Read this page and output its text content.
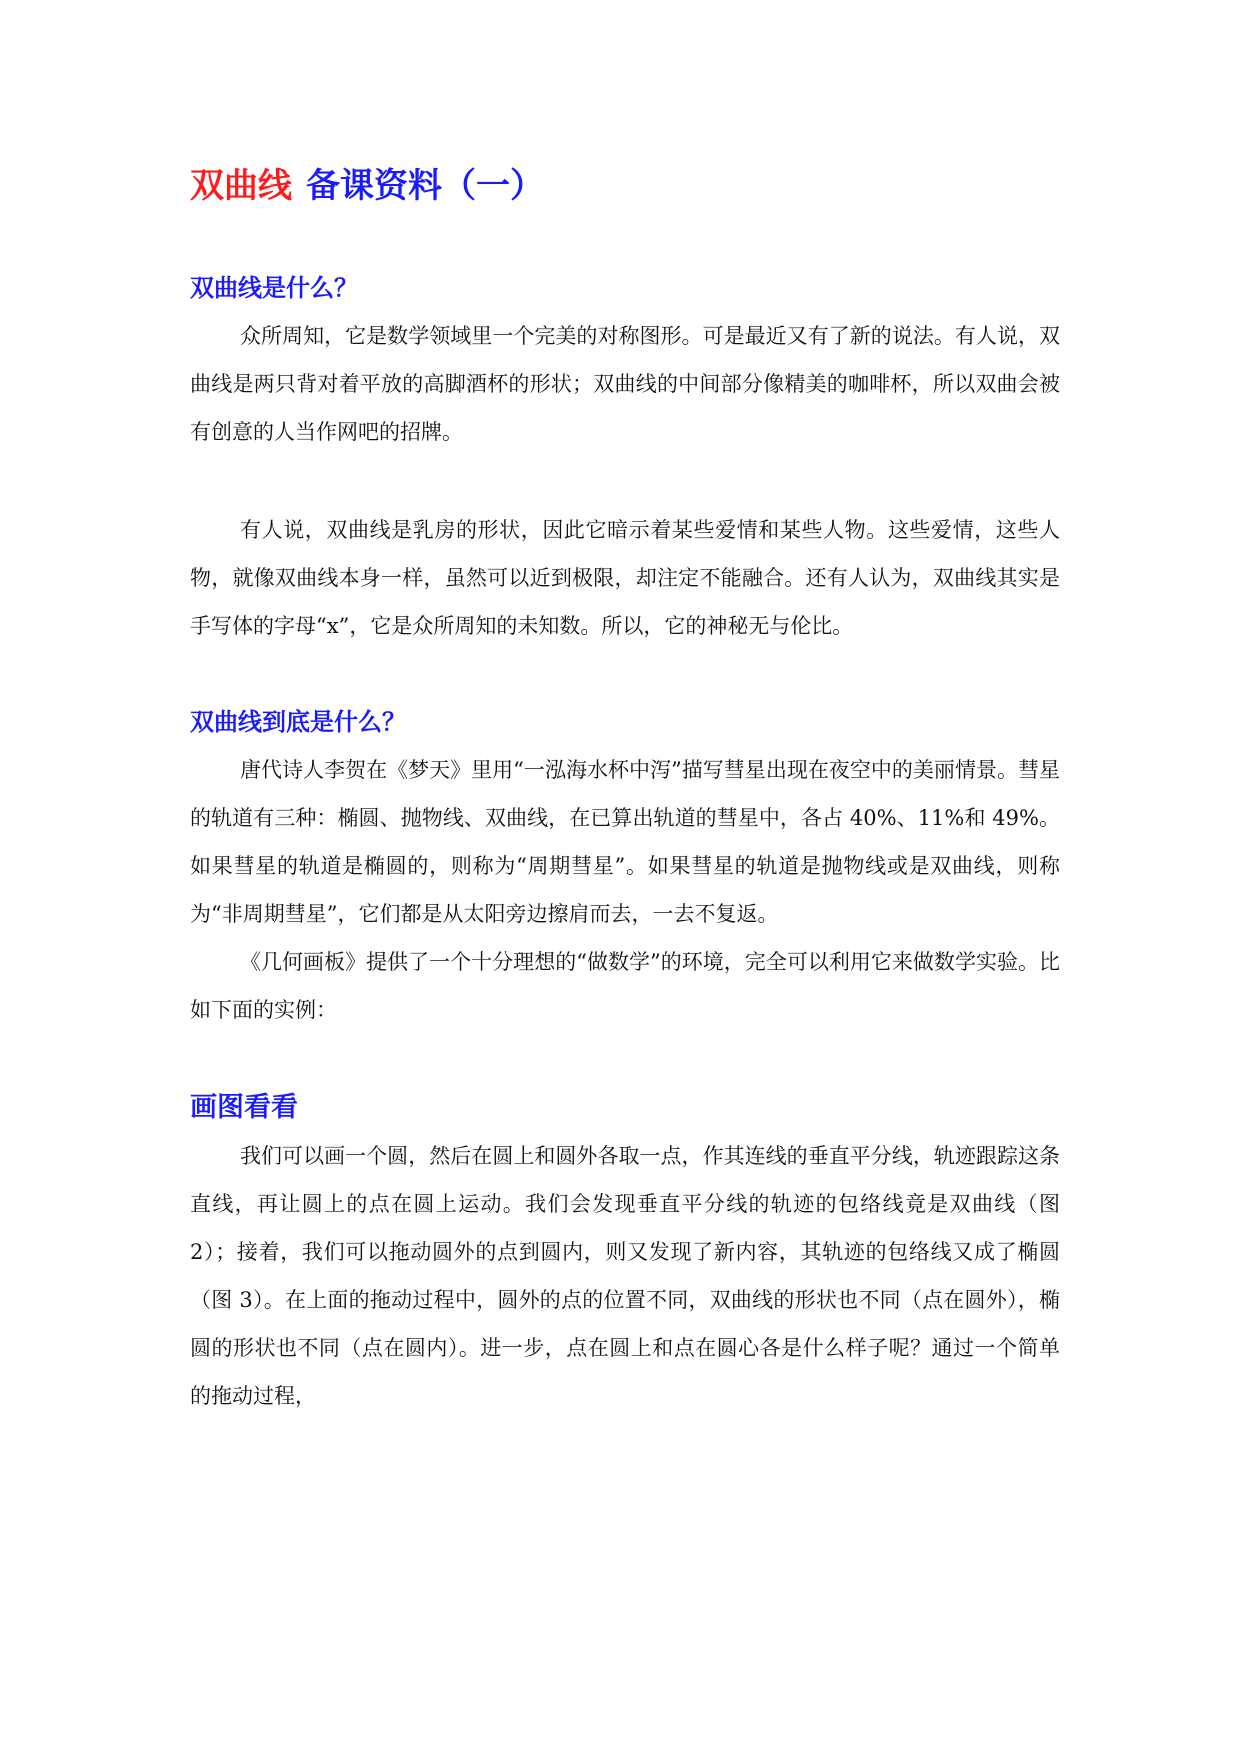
双曲线 备课资料（一）
双曲线是什么？

众所周知，它是数学领域里一个完美的对称图形。可是最近又有了新的说法。有人说，双曲线是两只背对着平放的高脚酒杯的形状；双曲线的中间部分像精美的咖啡杯，所以双曲会被有创意的人当作网吧的招牌。

有人说，双曲线是乳房的形状，因此它暗示着某些爱情和某些人物。这些爱情，这些人物，就像双曲线本身一样，虽然可以近到极限，却注定不能融合。还有人认为，双曲线其实是手写体的字母“x”，它是众所周知的未知数。所以，它的神秘无与伦比。

双曲线到底是什么？

唐代诗人李贺在《梦天》里用“一泓海水杯中泻”描写彗星出现在夜空中的美丽情景。彗星的轨道有三种：椭圆、抛物线、双曲线，在已算出轨道的彗星中，各占 40%、11%和 49%。如果彗星的轨道是椭圆的，则称为“周期彗星”。如果彗星的轨道是抛物线或是双曲线，则称为“非周期彗星”，它们都是从太阳旁边擦肩而去，一去不复返。

《几何画板》提供了一个十分理想的“做数学”的环境，完全可以利用它来做数学实验。比如下面的实例：

画图看看

我们可以画一个圆，然后在圆上和圆外各取一点，作其连线的垂直平分线，轨迹跟踪这条直线，再让圆上的点在圆上运动。我们会发现垂直平分线的轨迹的包络线竟是双曲线（图 2）；接着，我们可以拖动圆外的点到圆内，则又发现了新内容，其轨迹的包络线又成了椭圆（图 3）。在上面的拖动过程中，圆外的点的位置不同，双曲线的形状也不同（点在圆外），椭圆的形状也不同（点在圆内）。进一步，点在圆上和点在圆心各是什么样子呢？通过一个简单的拖动过程，
